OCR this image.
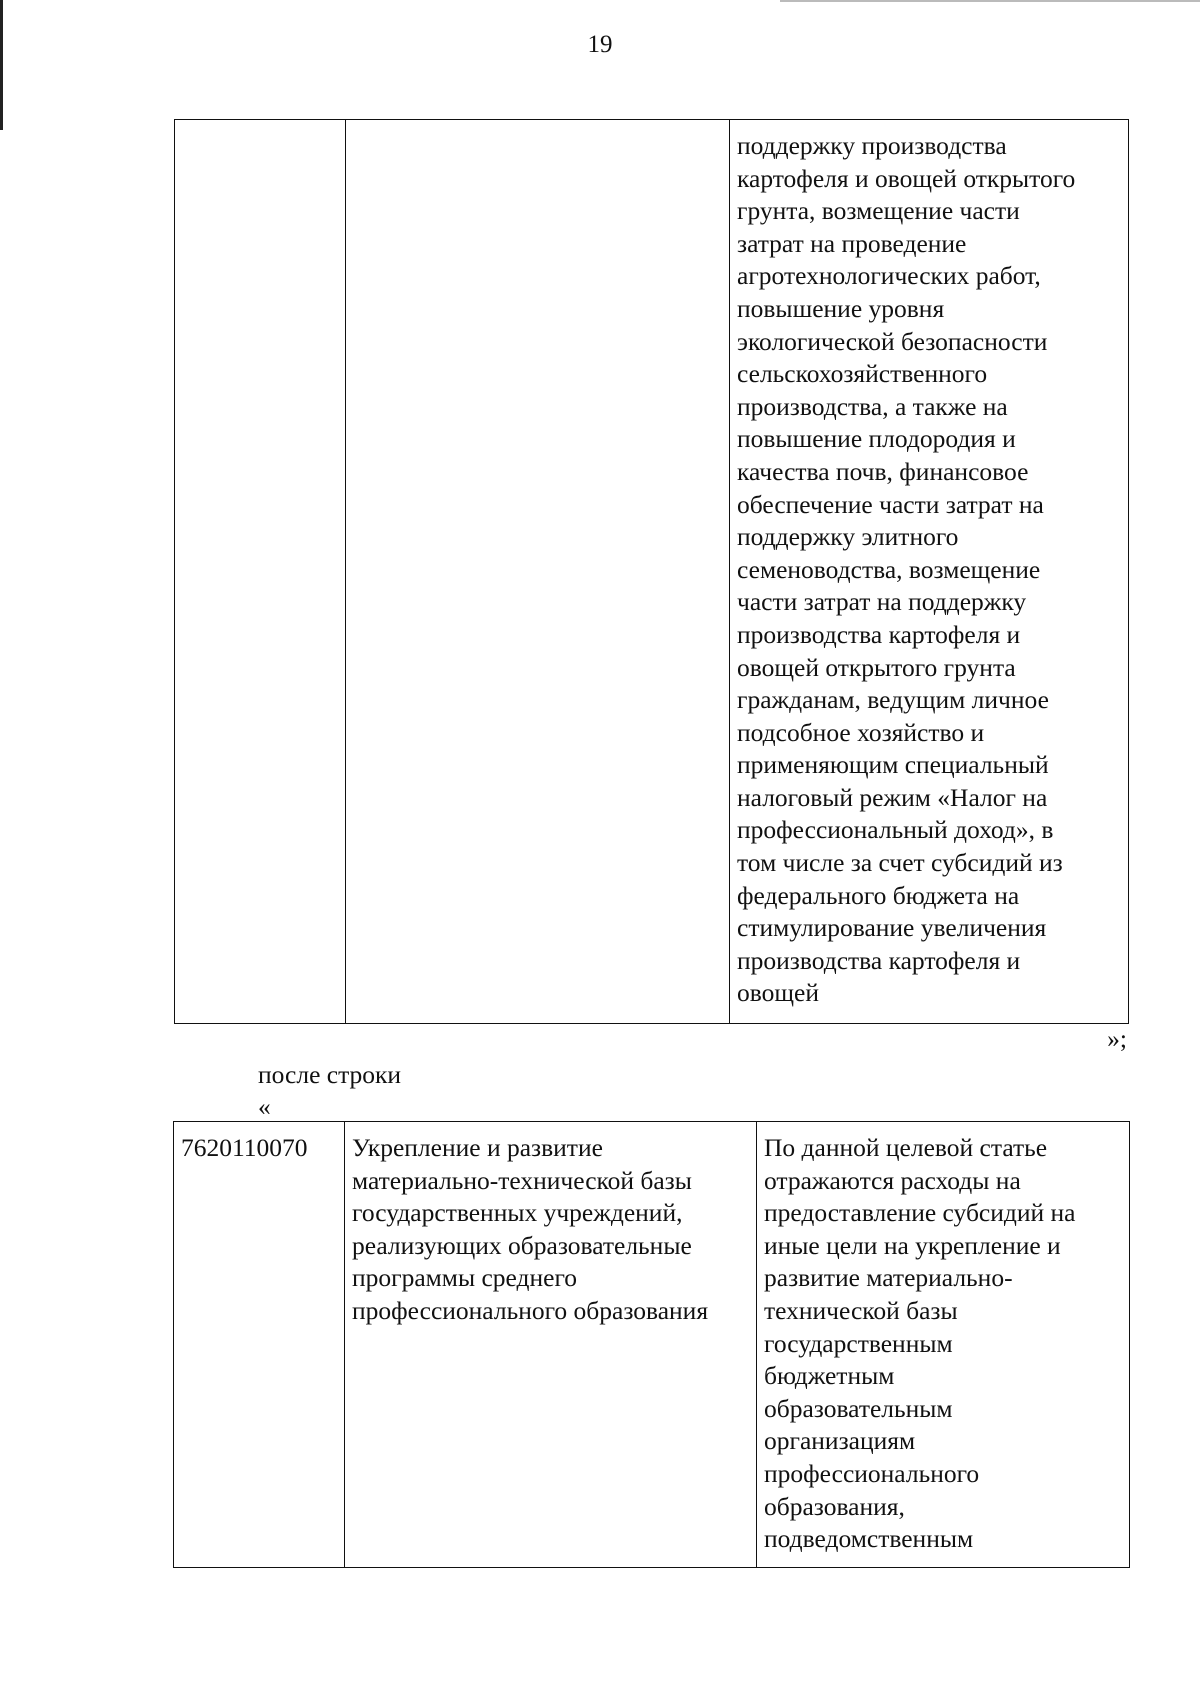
19
		поддержку производства
картофеля и овощей открытого
грунта, возмещение части
затрат на проведение
агротехнологических работ,
повышение уровня
экологической безопасности
сельскохозяйственного
производства, а также на
повышение плодородия и
качества почв, финансовое
обеспечение части затрат на
поддержку элитного
семеноводства, возмещение
части затрат на поддержку
производства картофеля и
овощей открытого грунта
гражданам, ведущим личное
подсобное хозяйство и
применяющим специальный
налоговый режим «Налог на
профессиональный доход», в
том числе за счет субсидий из
федерального бюджета на
стимулирование увеличения
производства картофеля и
овощей
»;
после строки
«
7620110070	Укрепление и развитие
материально-технической базы
государственных учреждений,
реализующих образовательные
программы среднего
профессионального образования	По данной целевой статье
отражаются расходы на
предоставление субсидий на
иные цели на укрепление и
развитие материально-
технической базы
государственным
бюджетным
образовательным
организациям
профессионального
образования,
подведомственным
